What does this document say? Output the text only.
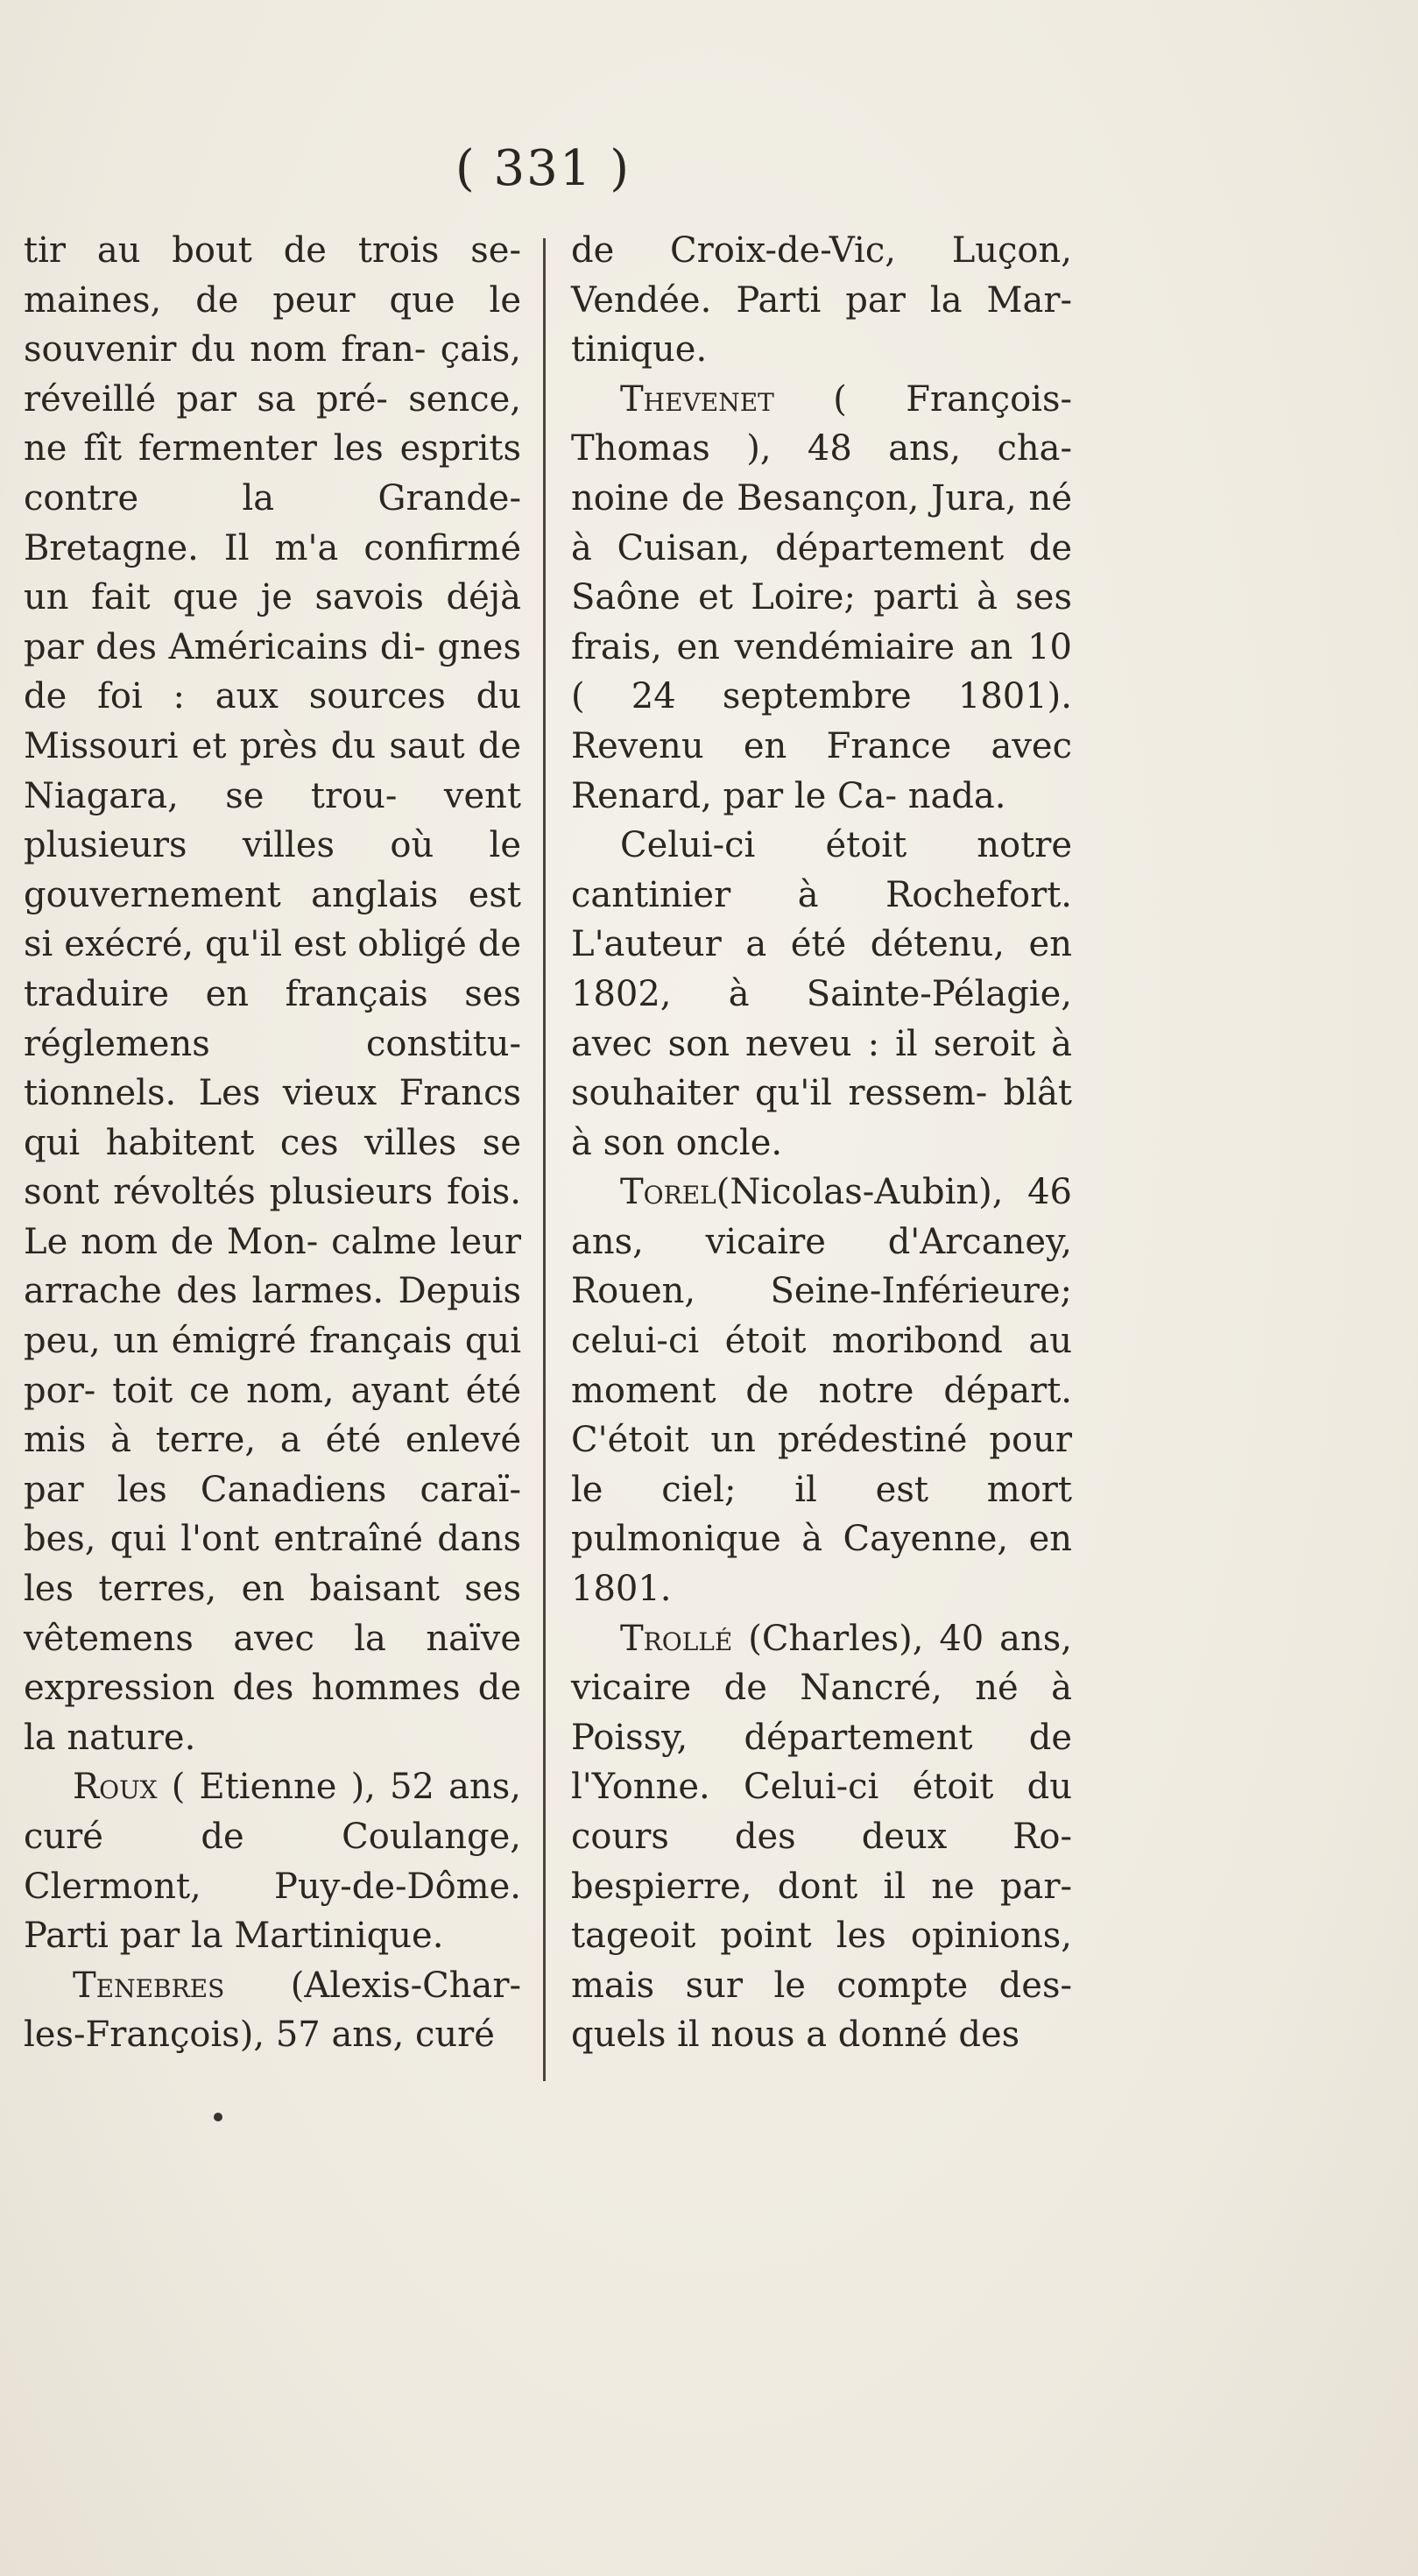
( 331 )

tir au bout de trois se- maines, de peur que le souvenir du nom fran- çais, réveillé par sa pré- sence, ne fît fermenter les esprits contre la Grande- Bretagne. Il m'a confirmé un fait que je savois déjà par des Américains di- gnes de foi : aux sources du Missouri et près du saut de Niagara, se trou- vent plusieurs villes où le gouvernement anglais est si exécré, qu'il est obligé de traduire en français ses réglemens constitu- tionnels. Les vieux Francs qui habitent ces villes se sont révoltés plusieurs fois. Le nom de Mon- calme leur arrache des larmes. Depuis peu, un émigré français qui por- toit ce nom, ayant été mis à terre, a été enlevé par les Canadiens caraï- bes, qui l'ont entraîné dans les terres, en baisant ses vêtemens avec la naïve expression des hommes de la nature.

Roux ( Etienne ), 52 ans, curé de Coulange, Clermont, Puy-de-Dôme. Parti par la Martinique.

Tenebres (Alexis-Char- les-François), 57 ans, curé

de Croix-de-Vic, Luçon, Vendée. Parti par la Mar- tinique.

Thevenet ( François- Thomas ), 48 ans, cha- noine de Besançon, Jura, né à Cuisan, département de Saône et Loire; parti à ses frais, en vendémiaire an 10 ( 24 septembre 1801). Revenu en France avec Renard, par le Ca- nada.

Celui-ci étoit notre cantinier à Rochefort. L'auteur a été détenu, en 1802, à Sainte-Pélagie, avec son neveu : il seroit à souhaiter qu'il ressem- blât à son oncle.

Torel(Nicolas-Aubin), 46 ans, vicaire d'Arcaney, Rouen, Seine-Inférieure; celui-ci étoit moribond au moment de notre départ. C'étoit un prédestiné pour le ciel; il est mort pulmonique à Cayenne, en 1801.

Trollé (Charles), 40 ans, vicaire de Nancré, né à Poissy, département de l'Yonne. Celui-ci étoit du cours des deux Ro- bespierre, dont il ne par- tageoit point les opinions, mais sur le compte des- quels il nous a donné des
